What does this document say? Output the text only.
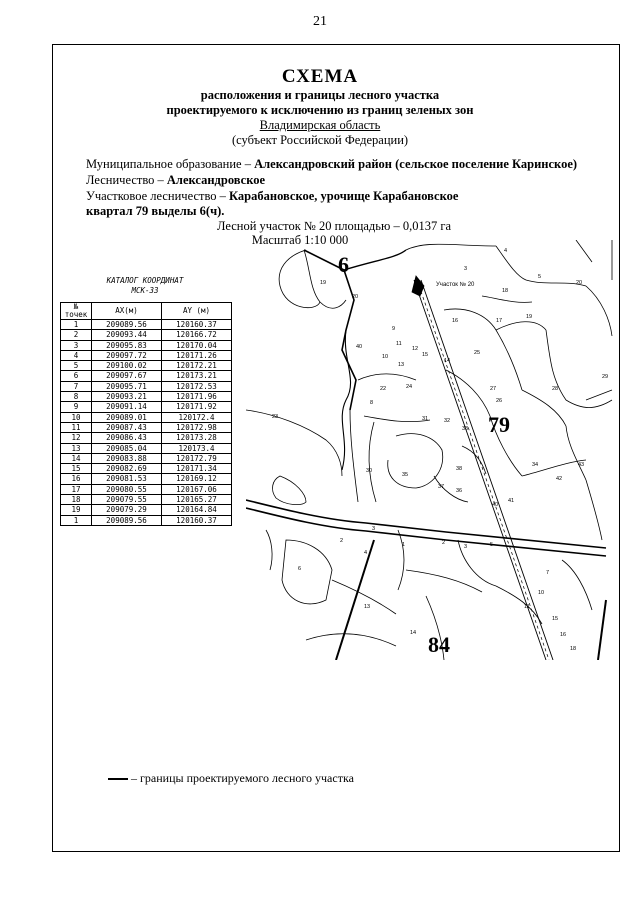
21
СХЕМА
расположения и границы лесного участка
проектируемого к исключению из границ зеленых зон
Владимирская область
(субъект Российской Федерации)
Муниципальное образование – Александровский район (сельское поселение Каринское)
Лесничество – Александровское
Участковое лесничество – Карабановское, урочище Карабановское
квартал 79 выделы 6(ч).
Лесной участок № 20 площадью – 0,0137 га
Масштаб 1:10 000
КАТАЛОГ КООРДИНАТ
МСК-33
№
точек	АХ(м)	АY (м)
1	209089.56	120160.37
2	209093.44	120166.72
3	209095.83	120170.04
4	209097.72	120171.26
5	209100.02	120172.21
6	209097.67	120173.21
7	209095.71	120172.53
8	209093.21	120171.96
9	209091.14	120171.92
10	209089.01	120172.4
11	209087.43	120172.98
12	209086.43	120173.28
13	209085.04	120173.4
14	209083.88	120172.79
15	209082.69	120171.34
16	209081.53	120169.12
17	209080.55	120167.06
18	209079.55	120165.27
19	209079.29	120164.84
1	209089.56	120160.37
6
79
84
Участок № 20
19
20
4
5
3
18
17
19
16
20
9
11
40	12
10
13
15
14
25
26
29
28
22	24
8
31	32
33
27
23
34	43
30
35
38
37
36
42
40
41
3
2
1
4
2
3	5
6
13
14
7
10
11
15
16
18
– границы проектируемого лесного участка
